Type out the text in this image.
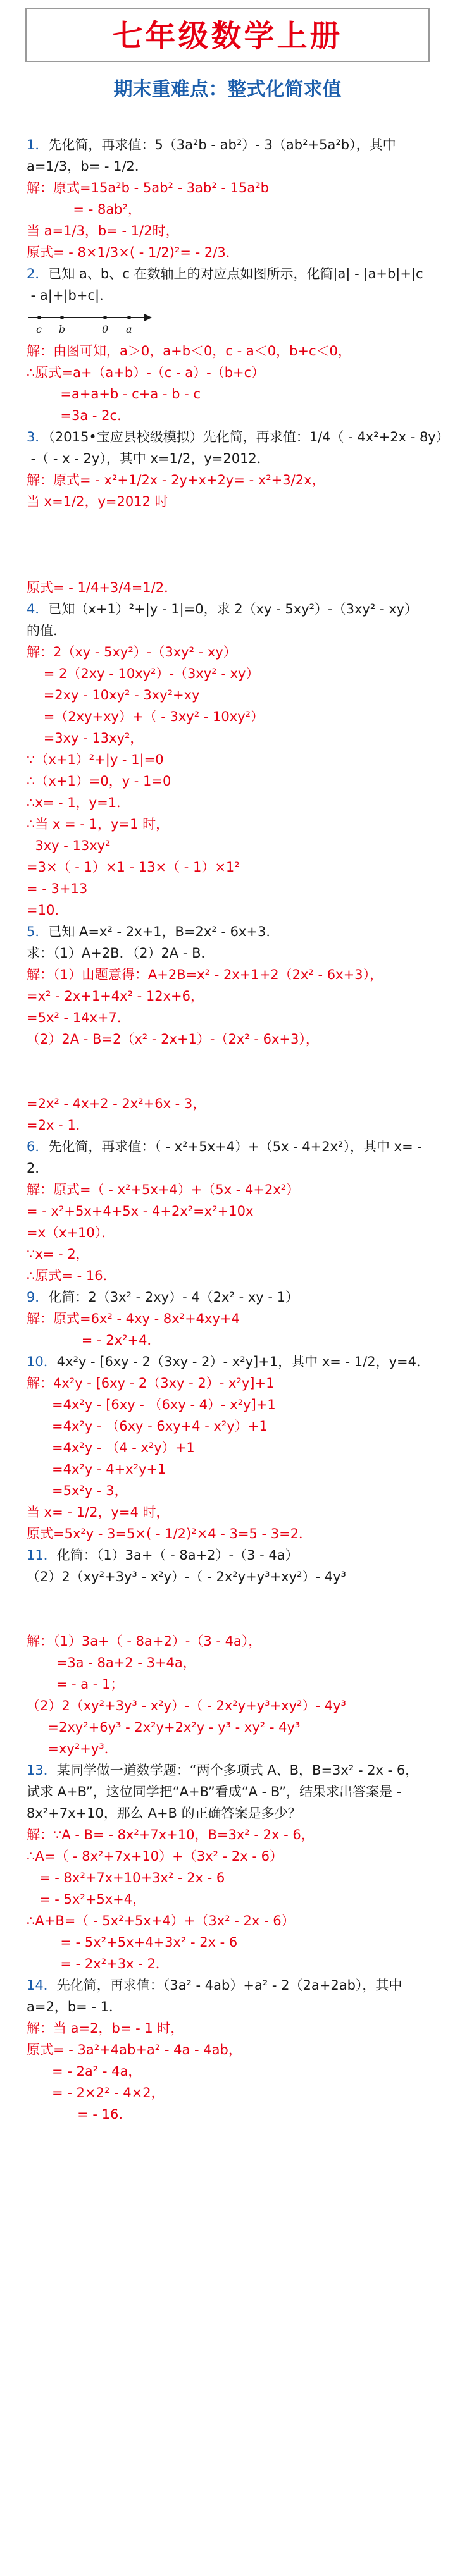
七年级数学上册
期末重难点：整式化简求值
1．先化简，再求值：5（3a²b - ab²）- 3（ab²+5a²b），其中
a=1/3，b= - 1/2．
解：原式=15a²b - 5ab² - 3ab² - 15a²b
= - 8ab²，
当 a=1/3，b= - 1/2时，
原式= - 8×1/3×( - 1/2)²= - 2/3．
2．已知 a、b、c 在数轴上的对应点如图所示，化简|a| - |a+b|+|c
- a|+|b+c|．
c b	0 a
解：由图可知，a＞0，a+b＜0，c - a＜0，b+c＜0，
∴原式=a+（a+b）-（c - a）-（b+c）
=a+a+b - c+a - b - c
=3a - 2c．
3．（2015•宝应县校级模拟）先化简，再求值：1/4（ - 4x²+2x - 8y）
-（ - x - 2y），其中 x=1/2，y=2012．
解：原式= - x²+1/2x - 2y+x+2y= - x²+3/2x，
当 x=1/2，y=2012 时
原式= - 1/4+3/4=1/2．
4．已知（x+1）²+|y - 1|=0，求 2（xy - 5xy²）-（3xy² - xy）
的值．
解：2（xy - 5xy²）-（3xy² - xy）
= 2（2xy - 10xy²）-（3xy² - xy）
=2xy - 10xy² - 3xy²+xy
=（2xy+xy）+（ - 3xy² - 10xy²）
=3xy - 13xy²，
∵（x+1）²+|y - 1|=0
∴（x+1）=0，y - 1=0
∴x= - 1，y=1．
∴当 x = - 1，y=1 时，
3xy - 13xy²
=3×（ - 1）×1 - 13×（ - 1）×1²
= - 3+13
=10．
5．已知 A=x² - 2x+1，B=2x² - 6x+3．
求：（1）A+2B．（2）2A - B．
解：（1）由题意得：A+2B=x² - 2x+1+2（2x² - 6x+3），
=x² - 2x+1+4x² - 12x+6，
=5x² - 14x+7．
（2）2A - B=2（x² - 2x+1）-（2x² - 6x+3），
=2x² - 4x+2 - 2x²+6x - 3，
=2x - 1．
6．先化简，再求值：（ - x²+5x+4）+（5x - 4+2x²），其中 x= -
2．
解：原式=（ - x²+5x+4）+（5x - 4+2x²）
= - x²+5x+4+5x - 4+2x²=x²+10x
=x（x+10）．
∵x= - 2，
∴原式= - 16．
9．化简：2（3x² - 2xy）- 4（2x² - xy - 1）
解：原式=6x² - 4xy - 8x²+4xy+4
= - 2x²+4．
10．4x²y - [6xy - 2（3xy - 2）- x²y]+1，其中 x= - 1/2，y=4．
解：4x²y - [6xy - 2（3xy - 2）- x²y]+1
=4x²y - [6xy - （6xy - 4）- x²y]+1
=4x²y - （6xy - 6xy+4 - x²y）+1
=4x²y - （4 - x²y）+1
=4x²y - 4+x²y+1
=5x²y - 3，
当 x= - 1/2，y=4 时，
原式=5x²y - 3=5×( - 1/2)²×4 - 3=5 - 3=2．
11．化简：（1）3a+（ - 8a+2）-（3 - 4a）
（2）2（xy²+3y³ - x²y）-（ - 2x²y+y³+xy²）- 4y³
解：（1）3a+（ - 8a+2）-（3 - 4a），
=3a - 8a+2 - 3+4a，
= - a - 1；
（2）2（xy²+3y³ - x²y）-（ - 2x²y+y³+xy²）- 4y³
=2xy²+6y³ - 2x²y+2x²y - y³ - xy² - 4y³
=xy²+y³．
13．某同学做一道数学题：“两个多项式 A、B，B=3x² - 2x - 6，
试求 A+B”，这位同学把“A+B”看成“A - B”，结果求出答案是 -
8x²+7x+10，那么 A+B 的正确答案是多少？
解：∵A - B= - 8x²+7x+10，B=3x² - 2x - 6，
∴A=（ - 8x²+7x+10）+（3x² - 2x - 6）
= - 8x²+7x+10+3x² - 2x - 6
= - 5x²+5x+4，
∴A+B=（ - 5x²+5x+4）+（3x² - 2x - 6）
= - 5x²+5x+4+3x² - 2x - 6
= - 2x²+3x - 2．
14．先化简，再求值：（3a² - 4ab）+a² - 2（2a+2ab），其中
a=2，b= - 1．
解：当 a=2，b= - 1 时，
原式= - 3a²+4ab+a² - 4a - 4ab，
= - 2a² - 4a，
= - 2×2² - 4×2，
= - 16．
